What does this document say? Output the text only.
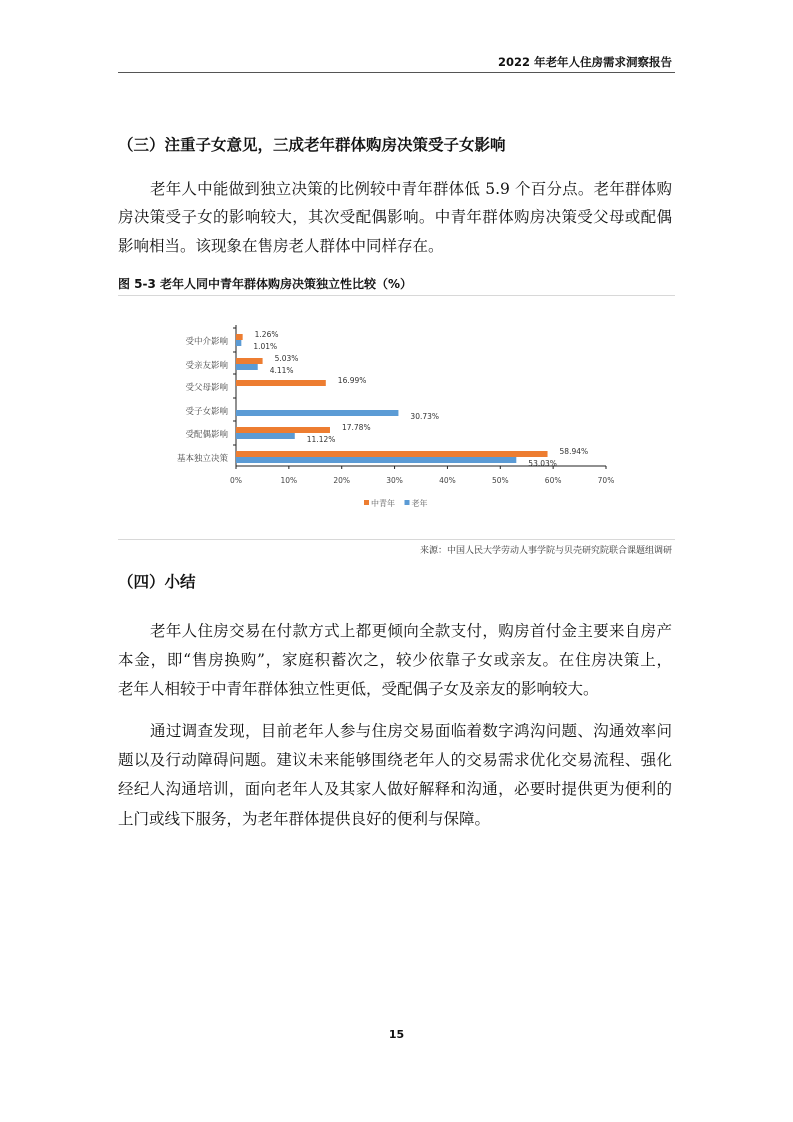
2022 年老年人住房需求洞察报告
（三）注重子女意见，三成老年群体购房决策受子女影响
老年人中能做到独立决策的比例较中青年群体低 5.9 个百分点。老年群体购
房决策受子女的影响较大，其次受配偶影响。中青年群体购房决策受父母或配偶
影响相当。该现象在售房老人群体中同样存在。
图 5-3 老年人同中青年群体购房决策独立性比较（%）
受中介影响
1.26%
1.01%
受亲友影响
5.03%
4.11%
受父母影响
16.99%
受子女影响	30.73%
受配偶影响
17.78%
11.12%
基本独立决策
58.94%
53.03%
0%	10%	20%	30%	40%	50%	60%	70%
中青年 老年
来源：中国人民大学劳动人事学院与贝壳研究院联合课题组调研
（四）小结
老年人住房交易在付款方式上都更倾向全款支付，购房首付金主要来自房产
本金，即“售房换购”，家庭积蓄次之，较少依靠子女或亲友。在住房决策上，
老年人相较于中青年群体独立性更低，受配偶子女及亲友的影响较大。
通过调查发现，目前老年人参与住房交易面临着数字鸿沟问题、沟通效率问
题以及行动障碍问题。建议未来能够围绕老年人的交易需求优化交易流程、强化
经纪人沟通培训，面向老年人及其家人做好解释和沟通，必要时提供更为便利的
上门或线下服务，为老年群体提供良好的便利与保障。
15
